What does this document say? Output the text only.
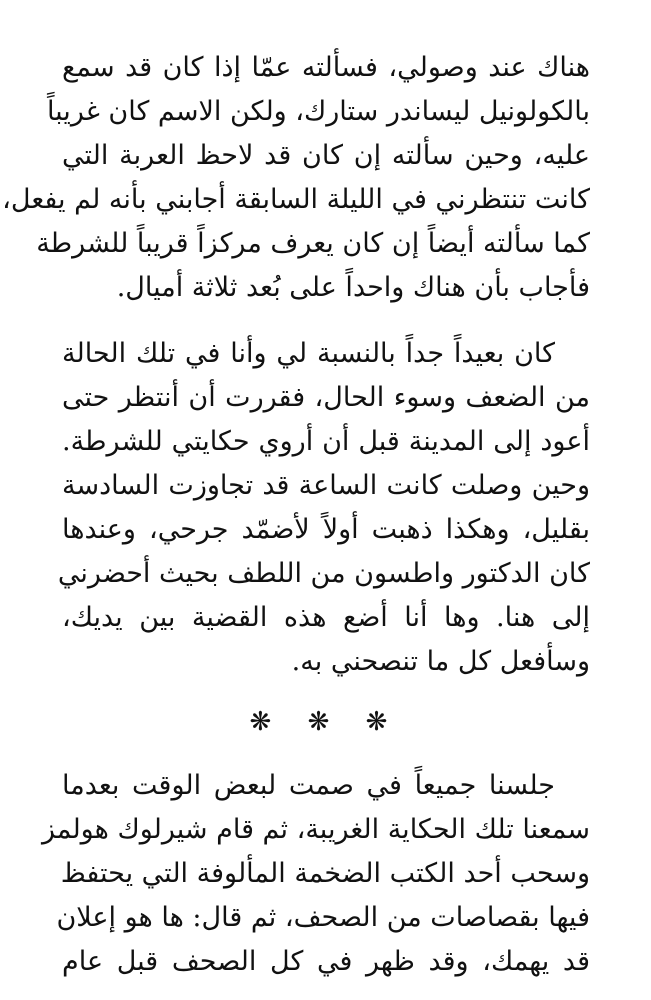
هناك عند وصولي، فسألته عمّا إذا كان قد سمع
بالكولونيل ليساندر ستارك، ولكن الاسم كان غريباً
عليه، وحين سألته إن كان قد لاحظ العربة التي
كانت تنتظرني في الليلة السابقة أجابني بأنه لم يفعل،
كما سألته أيضاً إن كان يعرف مركزاً قريباً للشرطة
فأجاب بأن هناك واحداً على بُعد ثلاثة أميال.
كان بعيداً جداً بالنسبة لي وأنا في تلك الحالة
من الضعف وسوء الحال، فقررت أن أنتظر حتى
أعود إلى المدينة قبل أن أروي حكايتي للشرطة.
وحين وصلت كانت الساعة قد تجاوزت السادسة
بقليل، وهكذا ذهبت أولاً لأضمّد جرحي، وعندها
كان الدكتور واطسون من اللطف بحيث أحضرني
إلى هنا. وها أنا أضع هذه القضية بين يديك،
وسأفعل كل ما تنصحني به.
❋ ❋ ❋
جلسنا جميعاً في صمت لبعض الوقت بعدما
سمعنا تلك الحكاية الغريبة، ثم قام شيرلوك هولمز
وسحب أحد الكتب الضخمة المألوفة التي يحتفظ
فيها بقصاصات من الصحف، ثم قال: ها هو إعلان
قد يهمك، وقد ظهر في كل الصحف قبل عام
